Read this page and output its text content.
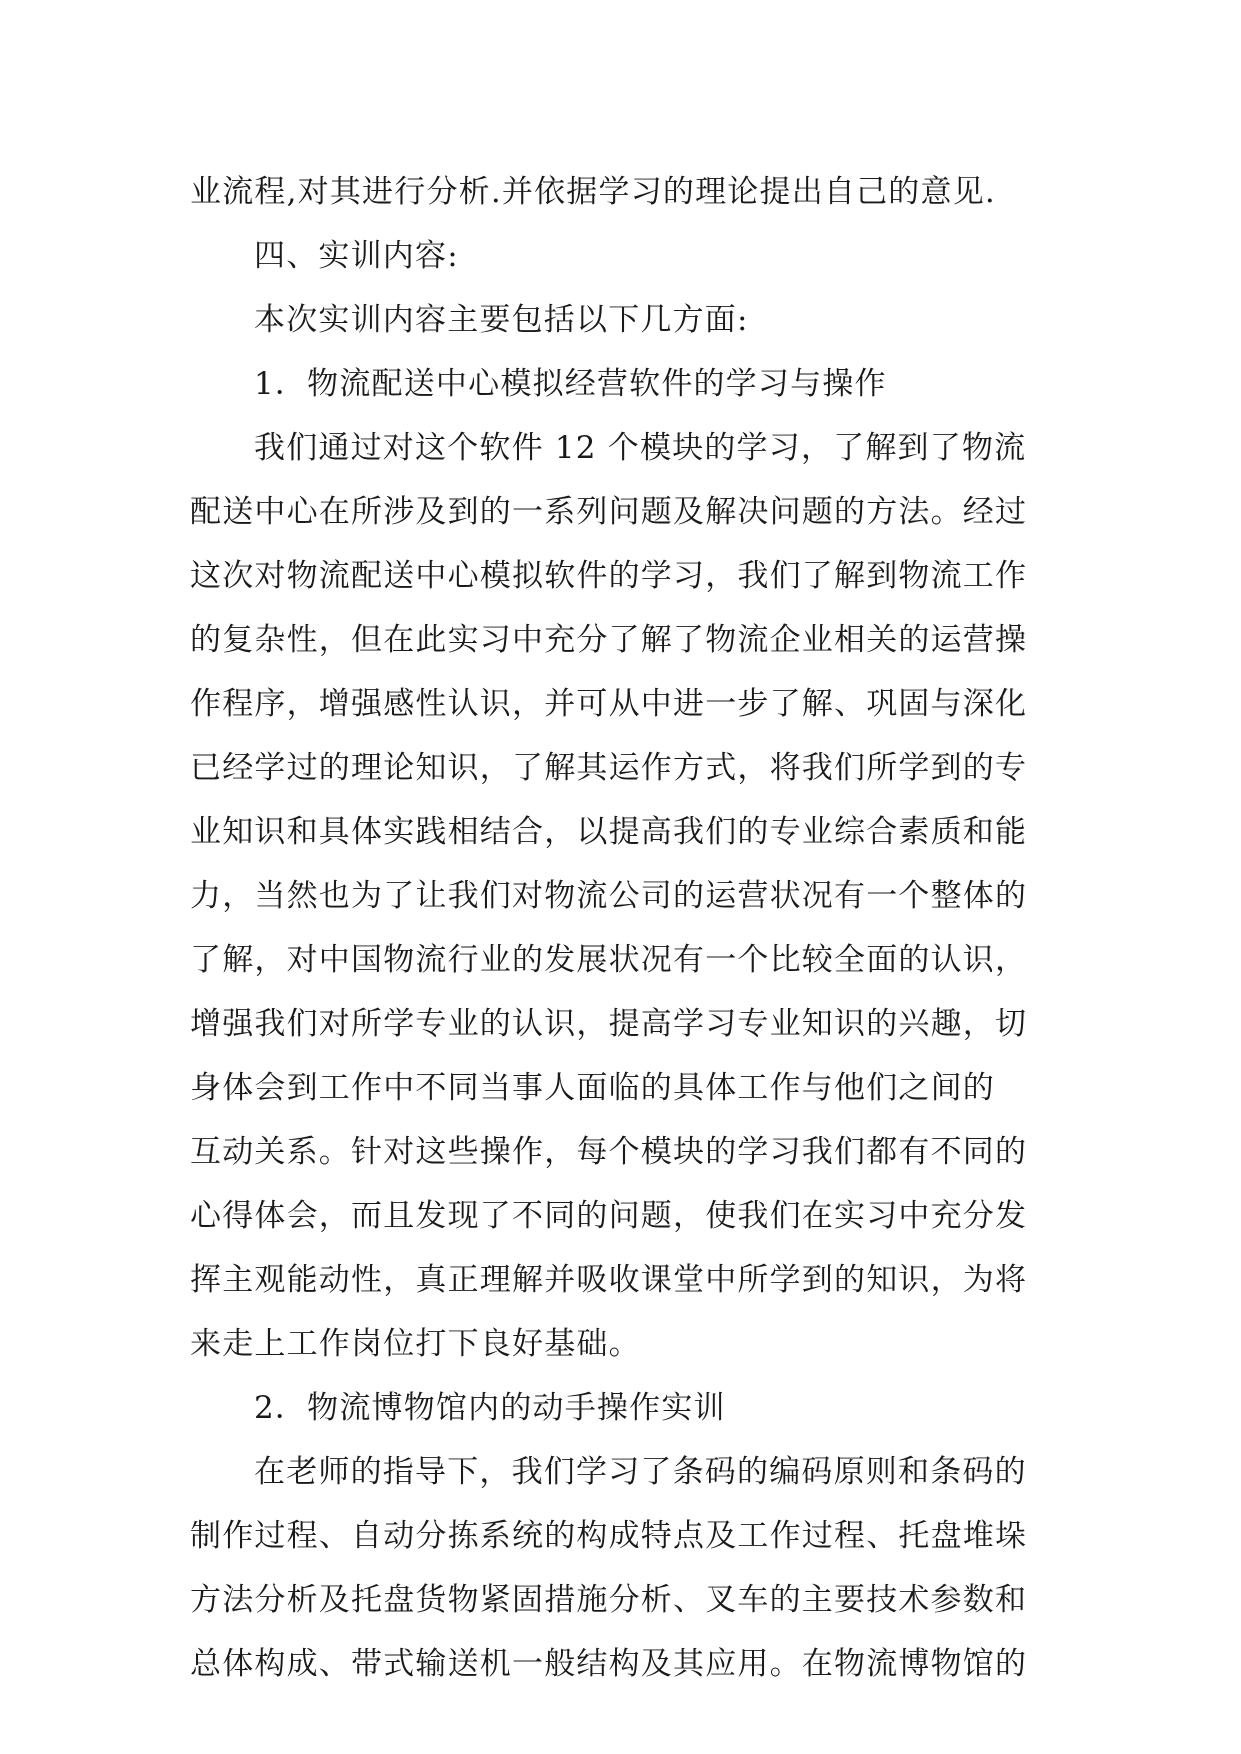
业流程,对其进行分析.并依据学习的理论提出自己的意见.
四、实训内容:
本次实训内容主要包括以下几方面:
1．物流配送中心模拟经营软件的学习与操作
我们通过对这个软件 12 个模块的学习，了解到了物流
配送中心在所涉及到的一系列问题及解决问题的方法。经过
这次对物流配送中心模拟软件的学习，我们了解到物流工作
的复杂性，但在此实习中充分了解了物流企业相关的运营操
作程序，增强感性认识，并可从中进一步了解、巩固与深化
已经学过的理论知识，了解其运作方式，将我们所学到的专
业知识和具体实践相结合，以提高我们的专业综合素质和能
力，当然也为了让我们对物流公司的运营状况有一个整体的
了解，对中国物流行业的发展状况有一个比较全面的认识，
增强我们对所学专业的认识，提高学习专业知识的兴趣，切
身体会到工作中不同当事人面临的具体工作与他们之间的
互动关系。针对这些操作，每个模块的学习我们都有不同的
心得体会，而且发现了不同的问题，使我们在实习中充分发
挥主观能动性，真正理解并吸收课堂中所学到的知识，为将
来走上工作岗位打下良好基础。
2．物流博物馆内的动手操作实训
在老师的指导下，我们学习了条码的编码原则和条码的
制作过程、自动分拣系统的构成特点及工作过程、托盘堆垛
方法分析及托盘货物紧固措施分析、叉车的主要技术参数和
总体构成、带式输送机一般结构及其应用。在物流博物馆的
